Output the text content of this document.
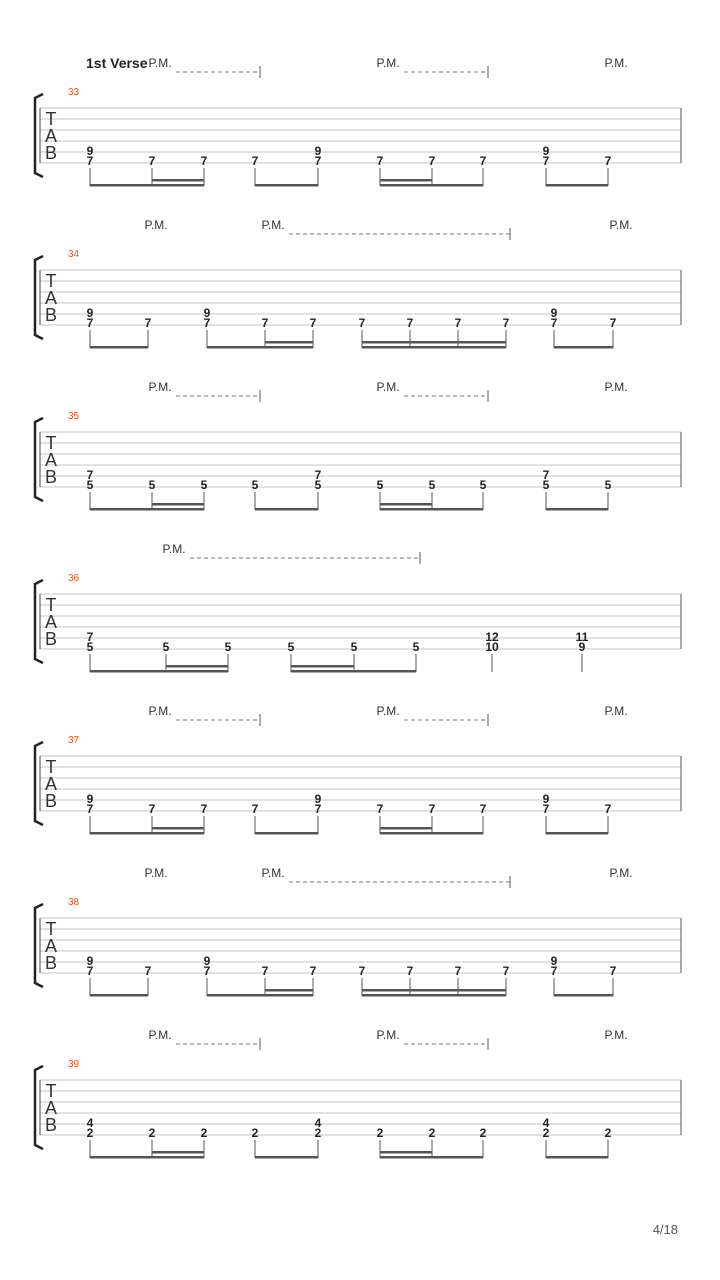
1st Verse P.M.	P.M.	P.M.
33
T
A
B 9
7	7	7	7
9
7	7	7	7
9
7	7
P.M.	P.M.	P.M.
34
T
A
B 9
7	7
9
7	7	7	7	7	7	7
9
7	7
P.M.	P.M.	P.M.
35
T
A
B 7
5	5	5	5
7
5	5	5	5
7
5	5
P.M.
36
T
A
B 7
5	5	5	5	5	5
12
10
11
9
P.M.	P.M.	P.M.
37
T
A
B 9
7	7	7	7
9
7	7	7	7
9
7	7
P.M.	P.M.	P.M.
38
T
A
B 9
7	7
9
7	7	7	7	7	7	7
9
7	7
P.M.	P.M.	P.M.
39
T
A
B 4
2	2	2	2
4
2	2	2	2
4
2	2
4/18
